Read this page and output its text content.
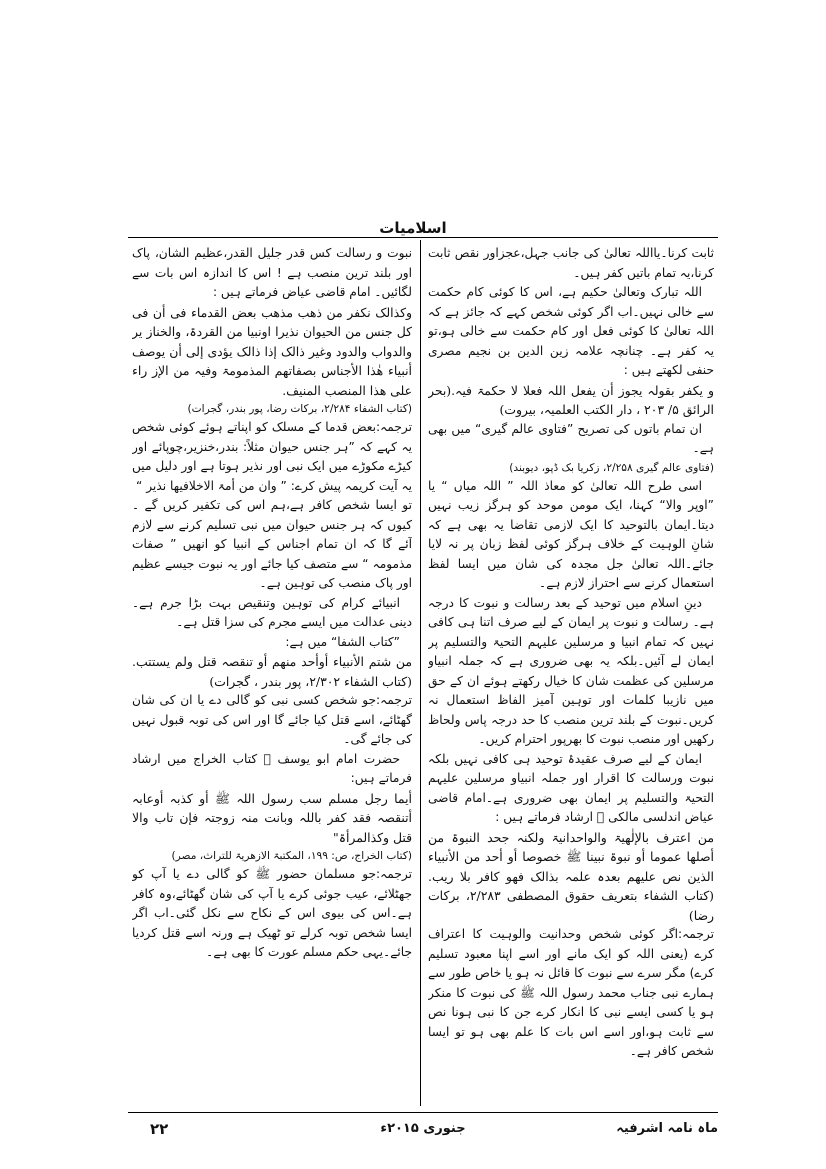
اسلامیات

ثابت کرنا۔یااللہ تعالیٰ کی جانب جہل،عجزاور نقص ثابت کرنا،یہ تمام باتیں کفر ہیں۔

اللہ تبارک وتعالیٰ حکیم ہے، اس کا کوئی کام حکمت سے خالی نہیں۔اب اگر کوئی شخص کہے کہ جائز ہے کہ اللہ تعالیٰ کا کوئی فعل اور کام حکمت سے خالی ہو،تو یہ کفر ہے۔ چنانچہ علامہ زین الدین بن نجیم مصری حنفی لکھتے ہیں :

و یکفر بقولہ یجوز أن یفعل اللہ فعلا لا حکمۃ فیہ.(بحر الرائق ۵/ ۲۰۳ ، دار الکتب العلمیہ، بیروت)

ان تمام باتوں کی تصریح ”فتاوی عالم گیری“ میں بھی ہے۔

(فتاوی عالم گیری ۲/۲۵۸، زکریا بک ڈپو، دیوبند)

اسی طرح اللہ تعالیٰ کو معاذ اللہ ” اللہ میاں “ یا ”اوپر والا“ کہنا، ایک مومن موحد کو ہرگز زیب نہیں دیتا۔ایمان بالتوحید کا ایک لازمی تقاضا یہ بھی ہے کہ شانِ الوہیت کے خلاف ہرگز کوئی لفظ زبان پر نہ لایا جائے۔اللہ تعالیٰ جل مجدہ کی شان میں ایسا لفظ استعمال کرنے سے احتراز لازم ہے۔

دینِ اسلام میں توحید کے بعد رسالت و نبوت کا درجہ ہے۔ رسالت و نبوت پر ایمان کے لیے صرف اتنا ہی کافی نہیں کہ تمام انبیا و مرسلین علیہم التحیۃ والتسلیم پر ایمان لے آئیں۔بلکہ یہ بھی ضروری ہے کہ جملہ انبیاو مرسلین کی عظمت شان کا خیال رکھتے ہوئے ان کے حق میں نازیبا کلمات اور توہین آمیز الفاظ استعمال نہ کریں۔نبوت کے بلند ترین منصب کا حد درجہ پاس ولحاظ رکھیں اور منصب نبوت کا بھرپور احترام کریں۔

ایمان کے لیے صرف عقیدۂ توحید ہی کافی نہیں بلکہ نبوت ورسالت کا اقرار اور جملہ انبیاو مرسلین علیہم التحیۃ والتسلیم پر ایمان بھی ضروری ہے۔امام قاضی عیاض اندلسی مالکی ﷫ ارشاد فرماتے ہیں :

من اعترف بالإلٰھیۃ والواحدانیۃ ولکنہ جحد النبوۃ من أصلھا عموما أو نبوۃ نبینا ﷺ خصوصا أو أحد من الأنبیاء الذین نص علیھم بعدہ علمہ بذالک فھو کافر بلا ریب.(کتاب الشفاء بتعریف حقوق المصطفی ۲/۲۸۳، برکات رضا)

ترجمہ:اگر کوئی شخص وحدانیت والوہیت کا اعتراف کرے (یعنی اللہ کو ایک مانے اور اسے اپنا معبود تسلیم کرے) مگر سرے سے نبوت کا قائل نہ ہو یا خاص طور سے ہمارے نبی جناب محمد رسول اللہ ﷺ کی نبوت کا منکر ہو یا کسی ایسے نبی کا انکار کرے جن کا نبی ہونا نص سے ثابت ہو،اور اسے اس بات کا علم بھی ہو تو ایسا شخص کافر ہے۔

نبوت و رسالت کس قدر جلیل القدر،عظیم الشان، پاک اور بلند ترین منصب ہے ! اس کا اندازہ اس بات سے لگائیں۔ امام قاضی عیاض فرماتے ہیں :

وکذالک نکفر من ذھب مذھب بعض القدماء فی أن فی کل جنس من الحیوان نذیرا اونبیا من القردۃ، والخناز یر والدواب والدود وغیر ذالک إذا ذالک یؤدی إلی أن یوصف أنبیاء ھٰذا الأجناس بصفاتھم المذمومۃ وفیہ من الإز راء علی ھذا المنصب المنیف.

(کتاب الشفاء ۲/۲۸۴، برکات رضا، پور بندر، گجرات)

ترجمہ:بعض قدما کے مسلک کو اپناتے ہوئے کوئی شخص یہ کہے کہ ”ہر جنس حیوان مثلاً: بندر،خنزیر،چوپائے اور کیڑے مکوڑے میں ایک نبی اور نذیر ہوتا ہے اور دلیل میں یہ آیت کریمہ پیش کرے: ” وان من أمۃ الاخلافیھا نذیر “

تو ایسا شخص کافر ہے،ہم اس کی تکفیر کریں گے ۔کیوں کہ ہر جنس حیوان میں نبی تسلیم کرنے سے لازم آئے گا کہ ان تمام اجناس کے انبیا کو انھیں ” صفات مذمومہ “ سے متصف کیا جائے اور یہ نبوت جیسے عظیم اور پاک منصب کی توہین ہے۔

انبیائے کرام کی توہین وتنقیص بہت بڑا جرم ہے۔ دینی عدالت میں ایسے مجرم کی سزا قتل ہے۔

”کتاب الشفا“ میں ہے:

من شتم الأنبیاء أوأحد منھم أو تنقصہ قتل ولم یستتب.(کتاب الشفاء ۲/۳۰۲، پور بندر ، گجرات)

ترجمہ:جو شخص کسی نبی کو گالی دے یا ان کی شان گھٹائے، اسے قتل کیا جائے گا اور اس کی توبہ قبول نہیں کی جائے گی۔

حضرت امام ابو یوسف ﷫ کتاب الخراج میں ارشاد فرماتے ہیں:

أیما رجل مسلم سب رسول اللہ ﷺ أو کذبہ أوعابہ أتنقصہ فقد کفر باللہ وبانت منہ زوجتہ فإن تاب والا قتل وکذالمرأۃ"

(کتاب الخراج، ص: ۱۹۹، المکتبۃ الازھریۃ للتراث، مصر)

ترجمہ:جو مسلمان حضور ﷺ کو گالی دے یا آپ کو جھٹلائے، عیب جوئی کرے یا آپ کی شان گھٹائے،وہ کافر ہے۔اس کی بیوی اس کے نکاح سے نکل گئی۔اب اگر ایسا شخص توبہ کرلے تو ٹھیک ہے ورنہ اسے قتل کردیا جائے۔یہی حکم مسلم عورت کا بھی ہے۔

ماہ نامہ اشرفیہ
جنوری ۲۰۱۵ء
۲۲
